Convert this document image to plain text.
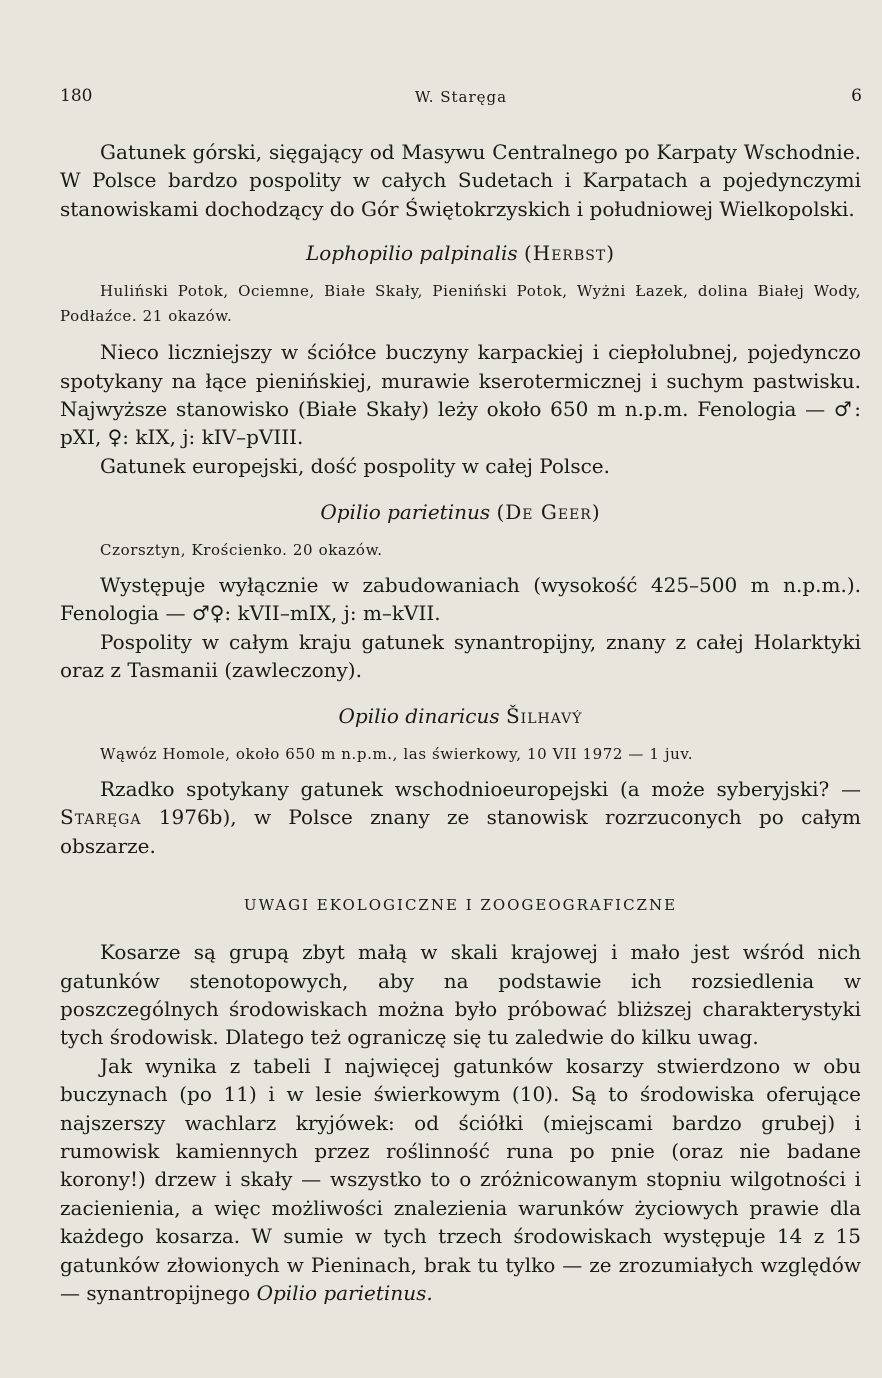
180	W. Staręga	6

Gatunek górski, sięgający od Masywu Centralnego po Karpaty Wschodnie. W Polsce bardzo pospolity w całych Sudetach i Karpatach a pojedynczymi stanowiskami dochodzący do Gór Świętokrzyskich i południowej Wielkopolski.

Lophopilio palpinalis (Herbst)

Huliński Potok, Ociemne, Białe Skały, Pieniński Potok, Wyżni Łazek, dolina Białej Wody, Podłaźce. 21 okazów.

Nieco liczniejszy w ściółce buczyny karpackiej i ciepłolubnej, pojedynczo spotykany na łące pienińskiej, murawie kserotermicznej i suchym pastwisku. Najwyższe stanowisko (Białe Skały) leży około 650 m n.p.m. Fenologia — ♂: pXI, ♀: kIX, j: kIV–pVIII.

Gatunek europejski, dość pospolity w całej Polsce.

Opilio parietinus (De Geer)

Czorsztyn, Krościenko. 20 okazów.

Występuje wyłącznie w zabudowaniach (wysokość 425–500 m n.p.m.). Fenologia — ♂♀: kVII–mIX, j: m–kVII.

Pospolity w całym kraju gatunek synantropijny, znany z całej Holarktyki oraz z Tasmanii (zawleczony).

Opilio dinaricus Šilhavý

Wąwóz Homole, około 650 m n.p.m., las świerkowy, 10 VII 1972 — 1 juv.

Rzadko spotykany gatunek wschodnioeuropejski (a może syberyjski? — Staręga 1976b), w Polsce znany ze stanowisk rozrzuconych po całym obszarze.

UWAGI EKOLOGICZNE I ZOOGEOGRAFICZNE

Kosarze są grupą zbyt małą w skali krajowej i mało jest wśród nich gatunków stenotopowych, aby na podstawie ich rozsiedlenia w poszczególnych środowiskach można było próbować bliższej charakterystyki tych środowisk. Dlatego też ograniczę się tu zaledwie do kilku uwag.

Jak wynika z tabeli I najwięcej gatunków kosarzy stwierdzono w obu buczynach (po 11) i w lesie świerkowym (10). Są to środowiska oferujące najszerszy wachlarz kryjówek: od ściółki (miejscami bardzo grubej) i rumowisk kamiennych przez roślinność runa po pnie (oraz nie badane korony!) drzew i skały — wszystko to o zróżnicowanym stopniu wilgotności i zacienienia, a więc możliwości znalezienia warunków życiowych prawie dla każdego kosarza. W sumie w tych trzech środowiskach występuje 14 z 15 gatunków złowionych w Pieninach, brak tu tylko — ze zrozumiałych względów — synantropijnego Opilio parietinus.
